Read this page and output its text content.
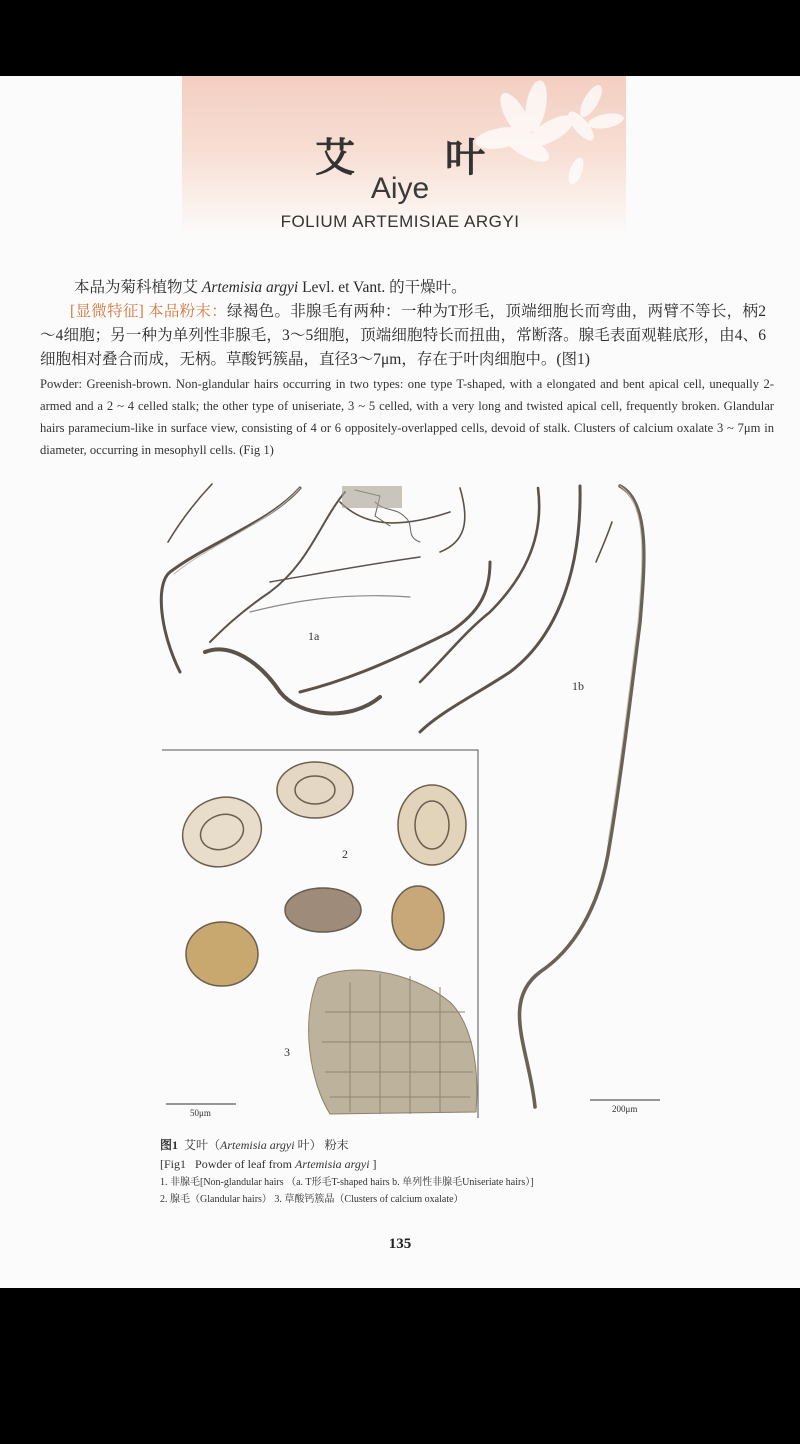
艾叶
Aiye
FOLIUM ARTEMISIAE ARGYI
本品为菊科植物艾 Artemisia argyi Levl. et Vant. 的干燥叶。
[显微特征] 本品粉末：绿褐色。非腺毛有两种：一种为T形毛，顶端细胞长而弯曲，两臂不等长，柄2～4细胞；另一种为单列性非腺毛，3～5细胞，顶端细胞特长而扭曲，常断落。腺毛表面观鞋底形，由4、6细胞相对叠合而成，无柄。草酸钙簇晶，直径3～7μm，存在于叶肉细胞中。(图1)
Powder: Greenish-brown. Non-glandular hairs occurring in two types: one type T-shaped, with a elongated and bent apical cell, unequally 2-armed and a 2 ~ 4 celled stalk; the other type of uniseriate, 3 ~ 5 celled, with a very long and twisted apical cell, frequently broken. Glandular hairs paramecium-like in surface view, consisting of 4 or 6 oppositely-overlapped cells, devoid of stalk. Clusters of calcium oxalate 3 ~ 7μm in diameter, occurring in mesophyll cells. (Fig 1)
1a
1b
2
3
50μm	200μm
图1 艾叶（Artemisia argyi 叶） 粉末
[Fig1 Powder of leaf from Artemisia argyi ]
1. 非腺毛[Non-glandular hairs （a. T形毛T-shaped hairs b. 单列性非腺毛Uniseriate hairs）]
2. 腺毛（Glandular hairs） 3. 草酸钙簇晶（Clusters of calcium oxalate）
135
